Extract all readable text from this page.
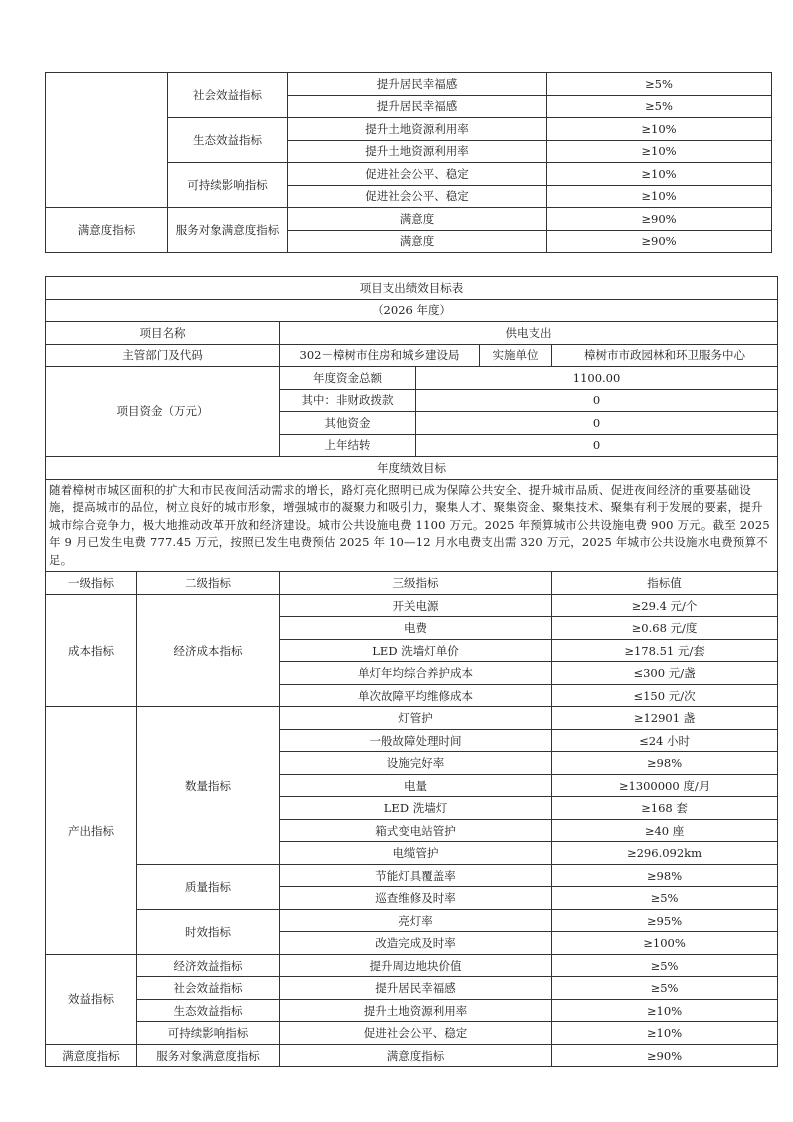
	社会效益指标	提升居民幸福感	≥5%
		提升居民幸福感	≥5%
	生态效益指标	提升土地资源利用率	≥10%
		提升土地资源利用率	≥10%
	可持续影响指标	促进社会公平、稳定	≥10%
		促进社会公平、稳定	≥10%
满意度指标	服务对象满意度指标	满意度	≥90%
		满意度	≥90%
项目支出绩效目标表				
（2026 年度）				
项目名称		供电支出		
主管部门及代码		302－樟树市住房和城乡建设局 实施单位		樟树市市政园林和环卫服务中心
项目资金（万元）		年度资金总额	1100.00	
		其中：非财政拨款	0	
		其他资金	0	
		上年结转	0	
年度绩效目标				
随着樟树市城区面积的扩大和市民夜间活动需求的增长，路灯亮化照明已成为保障公共安全、提升城市品质、促进夜间经济的重要基础设施，提高城市的品位，树立良好的城市形象，增强城市的凝聚力和吸引力，聚集人才、聚集资金、聚集技术、聚集有利于发展的要素，提升城市综合竞争力，极大地推动改革开放和经济建设。城市公共设施电费 1100 万元。2025 年预算城市公共设施电费 900 万元。截至 2025 年 9 月已发生电费 777.45 万元，按照已发生电费预估 2025 年 10—12 月水电费支出需 320 万元，2025 年城市公共设施水电费预算不足。				
一级指标	二级指标	三级指标		指标值
成本指标	经济成本指标	开关电源		≥29.4 元/个
		电费		≥0.68 元/度
		LED 洗墙灯单价		≥178.51 元/套
		单灯年均综合养护成本		≤300 元/盏
		单次故障平均维修成本		≤150 元/次
产出指标	数量指标	灯管护		≥12901 盏
		一般故障处理时间		≤24 小时
		设施完好率		≥98%
		电量		≥1300000 度/月
		LED 洗墙灯		≥168 套
		箱式变电站管护		≥40 座
		电缆管护		≥296.092km
	质量指标	节能灯具覆盖率		≥98%
		巡查维修及时率		≥5%
	时效指标	亮灯率		≥95%
		改造完成及时率		≥100%
效益指标	经济效益指标	提升周边地块价值		≥5%
	社会效益指标	提升居民幸福感		≥5%
	生态效益指标	提升土地资源利用率		≥10%
	可持续影响指标	促进社会公平、稳定		≥10%
满意度指标	服务对象满意度指标	满意度指标		≥90%
